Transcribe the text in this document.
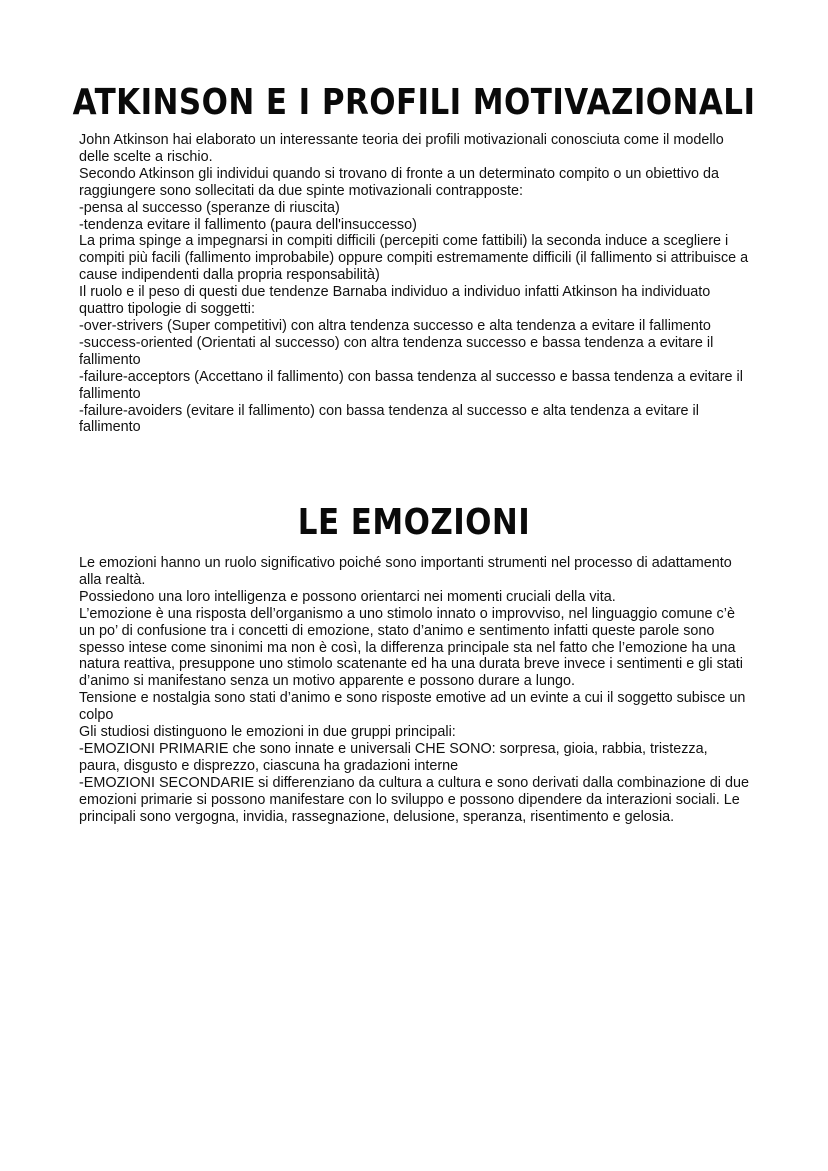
ATKINSON E I PROFILI MOTIVAZIONALI

John Atkinson hai elaborato un interessante teoria dei profili motivazionali conosciuta come il modello delle scelte a rischio.

Secondo Atkinson gli individui quando si trovano di fronte a un determinato compito o un obiettivo da raggiungere sono sollecitati da due spinte motivazionali contrapposte:

-pensa al successo (speranze di riuscita)

-tendenza evitare il fallimento (paura dell'insuccesso)

La prima spinge a impegnarsi in compiti difficili (percepiti come fattibili) la seconda induce a scegliere i compiti più facili (fallimento improbabile) oppure compiti estremamente difficili (il fallimento si attribuisce a cause indipendenti dalla propria responsabilità)

Il ruolo e il peso di questi due tendenze Barnaba individuo a individuo infatti Atkinson ha individuato quattro tipologie di soggetti:

-over-strivers (Super competitivi) con altra tendenza successo e alta tendenza a evitare il fallimento

-success-oriented (Orientati al successo) con altra tendenza successo e bassa tendenza a evitare il fallimento

-failure-acceptors (Accettano il fallimento) con bassa tendenza al successo e bassa tendenza a evitare il fallimento

-failure-avoiders (evitare il fallimento) con bassa tendenza al successo e alta tendenza a evitare il fallimento

LE EMOZIONI

Le emozioni hanno un ruolo significativo poiché sono importanti strumenti nel processo di adattamento alla realtà.

Possiedono una loro intelligenza e possono orientarci nei momenti cruciali della vita.

L’emozione è una risposta dell’organismo a uno stimolo innato o improvviso, nel linguaggio comune c’è un po’ di confusione tra i concetti di emozione, stato d’animo e sentimento infatti queste parole sono spesso intese come sinonimi ma non è così, la differenza principale sta nel fatto che l’emozione ha una natura reattiva, presuppone uno stimolo scatenante ed ha una durata breve invece i sentimenti e gli stati d’animo si manifestano senza un motivo apparente e possono durare a lungo.

Tensione e nostalgia sono stati d’animo e sono risposte emotive ad un evinte a cui il soggetto subisce un colpo

Gli studiosi distinguono le emozioni in due gruppi principali:

-EMOZIONI PRIMARIE che sono innate e universali CHE SONO: sorpresa, gioia, rabbia, tristezza, paura, disgusto e disprezzo, ciascuna ha gradazioni interne

-EMOZIONI SECONDARIE si differenziano da cultura a cultura e sono derivati dalla combinazione di due emozioni primarie si possono manifestare con lo sviluppo e possono dipendere da interazioni sociali. Le principali sono vergogna, invidia, rassegnazione, delusione, speranza, risentimento e gelosia.
